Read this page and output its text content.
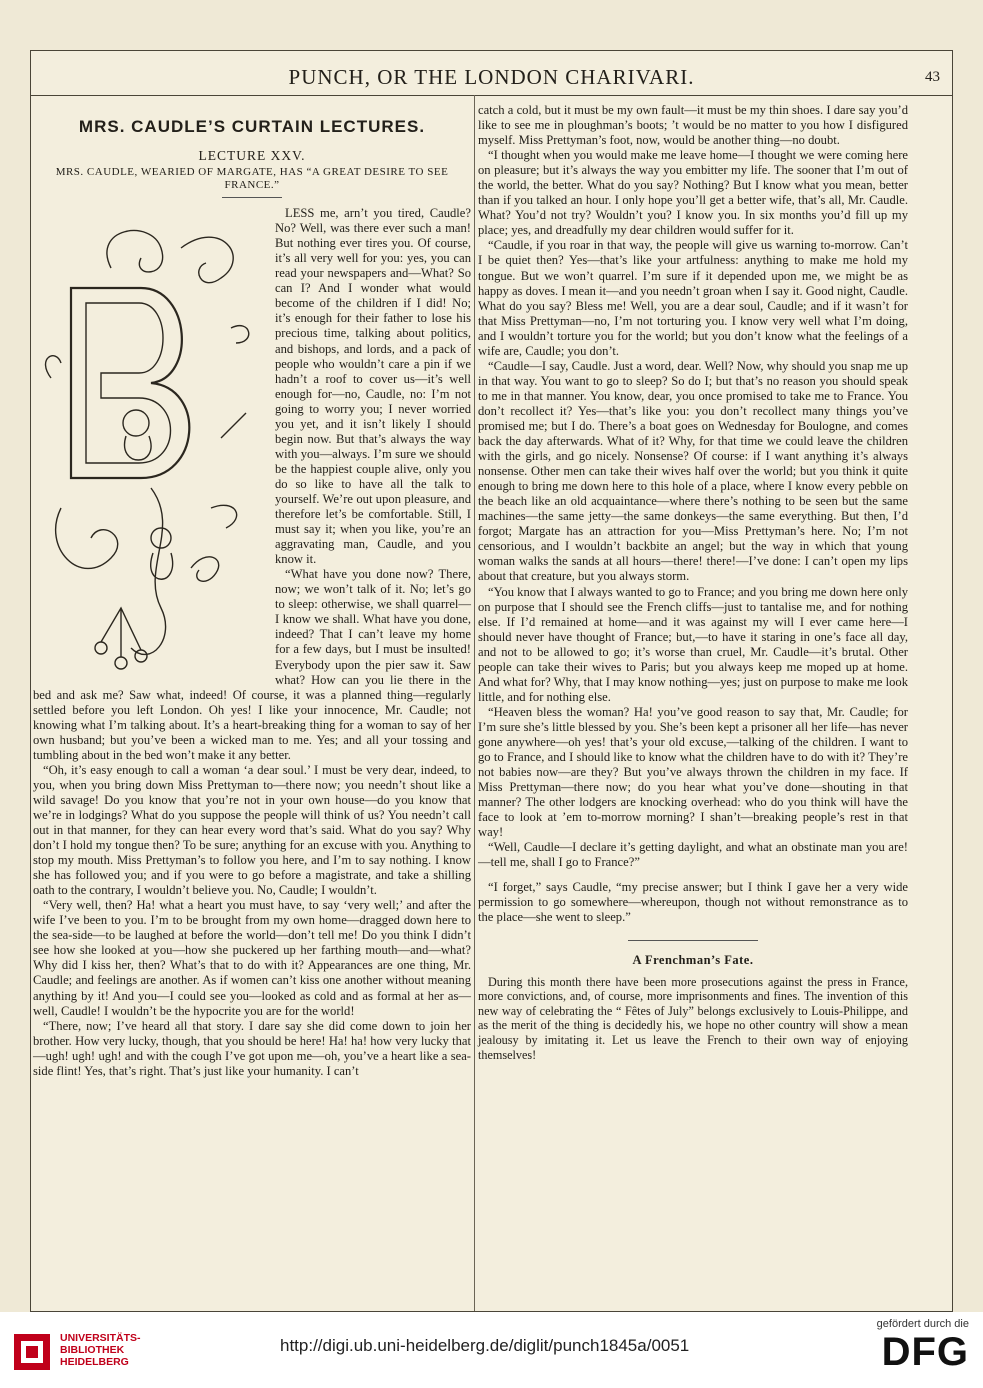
PUNCH, OR THE LONDON CHARIVARI.	43
MRS. CAUDLE’S CURTAIN LECTURES.
LECTURE XXV.
MRS. CAUDLE, WEARIED OF MARGATE, HAS “A GREAT DESIRE TO SEE FRANCE.”

LESS me, arn’t you tired, Caudle? No? Well, was there ever such a man! But nothing ever tires you. Of course, it’s all very well for you: yes, you can read your newspapers and—What? So can I? And I wonder what would become of the children if I did! No; it’s enough for their father to lose his precious time, talking about politics, and bishops, and lords, and a pack of people who wouldn’t care a pin if we hadn’t a roof to cover us—it’s well enough for—no, Caudle, no: I’m not going to worry you; I never worried you yet, and it isn’t likely I should begin now. But that’s always the way with you—always. I’m sure we should be the happiest couple alive, only you do so like to have all the talk to yourself. We’re out upon pleasure, and therefore let’s be comfortable. Still, I must say it; when you like, you’re an aggravating man, Caudle, and you know it.

“What have you done now? There, now; we won’t talk of it. No; let’s go to sleep: otherwise, we shall quarrel—I know we shall. What have you done, indeed? That I can’t leave my home for a few days, but I must be insulted! Everybody upon the pier saw it. Saw what? How can you lie there in the bed and ask me? Saw what, indeed! Of course, it was a planned thing—regularly settled before you left London. Oh yes! I like your innocence, Mr. Caudle; not knowing what I’m talking about. It’s a heart-breaking thing for a woman to say of her own husband; but you’ve been a wicked man to me. Yes; and all your tossing and tumbling about in the bed won’t make it any better.

“Oh, it’s easy enough to call a woman ‘a dear soul.’ I must be very dear, indeed, to you, when you bring down Miss Prettyman to—there now; you needn’t shout like a wild savage! Do you know that you’re not in your own house—do you know that we’re in lodgings? What do you suppose the people will think of us? You needn’t call out in that manner, for they can hear every word that’s said. What do you say? Why don’t I hold my tongue then? To be sure; anything for an excuse with you. Anything to stop my mouth. Miss Prettyman’s to follow you here, and I’m to say nothing. I know she has followed you; and if you were to go before a magistrate, and take a shilling oath to the contrary, I wouldn’t believe you. No, Caudle; I wouldn’t.

“Very well, then? Ha! what a heart you must have, to say ‘very well;’ and after the wife I’ve been to you. I’m to be brought from my own home—dragged down here to the sea-side—to be laughed at before the world—don’t tell me! Do you think I didn’t see how she looked at you—how she puckered up her farthing mouth—and—what? Why did I kiss her, then? What’s that to do with it? Appearances are one thing, Mr. Caudle; and feelings are another. As if women can’t kiss one another without meaning anything by it! And you—I could see you—looked as cold and as formal at her as—well, Caudle! I wouldn’t be the hypocrite you are for the world!

“There, now; I’ve heard all that story. I dare say she did come down to join her brother. How very lucky, though, that you should be here! Ha! ha! how very lucky that—ugh! ugh! ugh! and with the cough I’ve got upon me—oh, you’ve a heart like a sea-side flint! Yes, that’s right. That’s just like your humanity. I can’t

catch a cold, but it must be my own fault—it must be my thin shoes. I dare say you’d like to see me in ploughman’s boots; ’t would be no matter to you how I disfigured myself. Miss Prettyman’s foot, now, would be another thing—no doubt.

“I thought when you would make me leave home—I thought we were coming here on pleasure; but it’s always the way you embitter my life. The sooner that I’m out of the world, the better. What do you say? Nothing? But I know what you mean, better than if you talked an hour. I only hope you’ll get a better wife, that’s all, Mr. Caudle. What? You’d not try? Wouldn’t you? I know you. In six months you’d fill up my place; yes, and dreadfully my dear children would suffer for it.

“Caudle, if you roar in that way, the people will give us warning to-morrow. Can’t I be quiet then? Yes—that’s like your artfulness: anything to make me hold my tongue. But we won’t quarrel. I’m sure if it depended upon me, we might be as happy as doves. I mean it—and you needn’t groan when I say it. Good night, Caudle. What do you say? Bless me! Well, you are a dear soul, Caudle; and if it wasn’t for that Miss Prettyman—no, I’m not torturing you. I know very well what I’m doing, and I wouldn’t torture you for the world; but you don’t know what the feelings of a wife are, Caudle; you don’t.

“Caudle—I say, Caudle. Just a word, dear. Well? Now, why should you snap me up in that way. You want to go to sleep? So do I; but that’s no reason you should speak to me in that manner. You know, dear, you once promised to take me to France. You don’t recollect it? Yes—that’s like you: you don’t recollect many things you’ve promised me; but I do. There’s a boat goes on Wednesday for Boulogne, and comes back the day afterwards. What of it? Why, for that time we could leave the children with the girls, and go nicely. Nonsense? Of course: if I want anything it’s always nonsense. Other men can take their wives half over the world; but you think it quite enough to bring me down here to this hole of a place, where I know every pebble on the beach like an old acquaintance—where there’s nothing to be seen but the same machines—the same jetty—the same donkeys—the same everything. But then, I’d forgot; Margate has an attraction for you—Miss Prettyman’s here. No; I’m not censorious, and I wouldn’t backbite an angel; but the way in which that young woman walks the sands at all hours—there! there!—I’ve done: I can’t open my lips about that creature, but you always storm.

“You know that I always wanted to go to France; and you bring me down here only on purpose that I should see the French cliffs—just to tantalise me, and for nothing else. If I’d remained at home—and it was against my will I ever came here—I should never have thought of France; but,—to have it staring in one’s face all day, and not to be allowed to go; it’s worse than cruel, Mr. Caudle—it’s brutal. Other people can take their wives to Paris; but you always keep me moped up at home. And what for? Why, that I may know nothing—yes; just on purpose to make me look little, and for nothing else.

“Heaven bless the woman? Ha! you’ve good reason to say that, Mr. Caudle; for I’m sure she’s little blessed by you. She’s been kept a prisoner all her life—has never gone anywhere—oh yes! that’s your old excuse,—talking of the children. I want to go to France, and I should like to know what the children have to do with it? They’re not babies now—are they? But you’ve always thrown the children in my face. If Miss Prettyman—there now; do you hear what you’ve done—shouting in that manner? The other lodgers are knocking overhead: who do you think will have the face to look at ’em to-morrow morning? I shan’t—breaking people’s rest in that way!

“Well, Caudle—I declare it’s getting daylight, and what an obstinate man you are!—tell me, shall I go to France?”

“I forget,” says Caudle, “my precise answer; but I think I gave her a very wide permission to go somewhere—whereupon, though not without remonstrance as to the place—she went to sleep.”

A Frenchman’s Fate.

During this month there have been more prosecutions against the press in France, more convictions, and, of course, more imprisonments and fines. The invention of this new way of celebrating the “ Fêtes of July” belongs exclusively to Louis-Philippe, and as the merit of the thing is decidedly his, we hope no other country will show a mean jealousy by imitating it. Let us leave the French to their own way of enjoying themselves!

UNIVERSITÄTS-
BIBLIOTHEK
HEIDELBERG
http://digi.ub.uni-heidelberg.de/diglit/punch1845a/0051
gefördert durch die
DFG
